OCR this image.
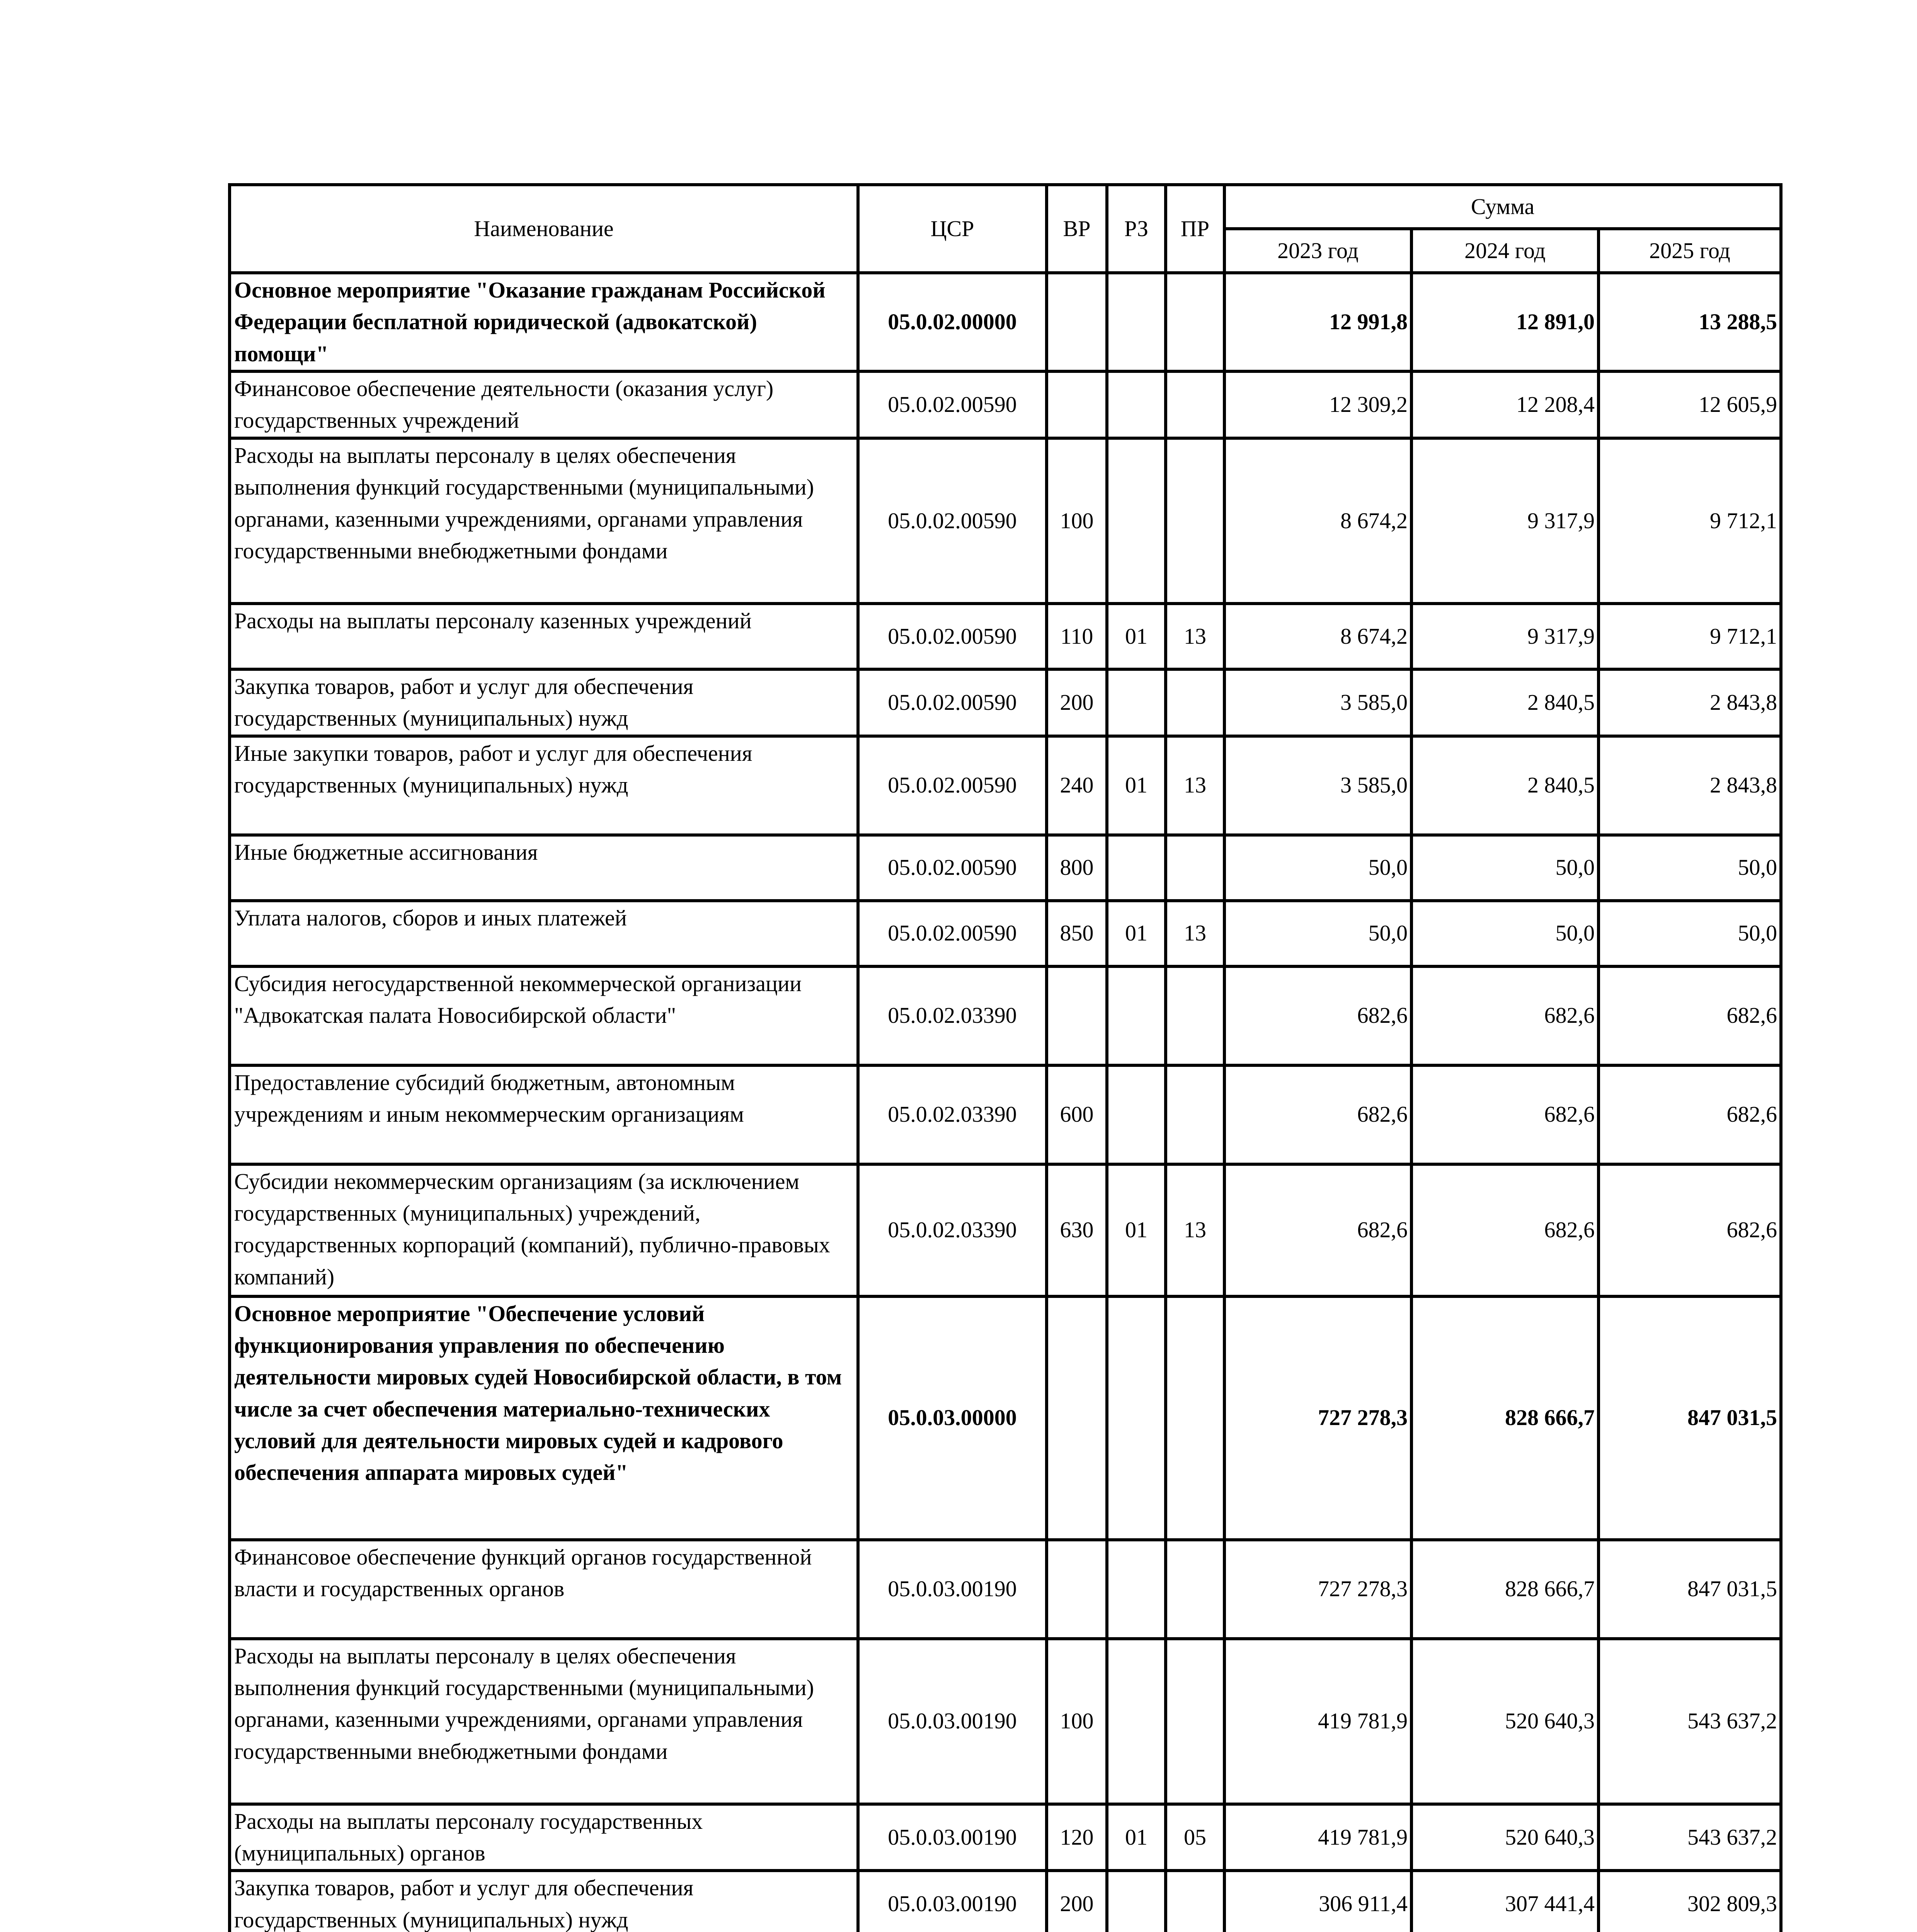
Наименование	ЦСР	ВР	РЗ	ПР	Сумма		
					2023 год	2024 год	2025 год
Основное мероприятие "Оказание гражданам Российской Федерации бесплатной юридической (адвокатской) помощи"	05.0.02.00000				12 991,8	12 891,0	13 288,5
Финансовое обеспечение деятельности (оказания услуг) государственных учреждений	05.0.02.00590				12 309,2	12 208,4	12 605,9
Расходы на выплаты персоналу в целях обеспечения выполнения функций государственными (муниципальными) органами, казенными учреждениями, органами управления государственными внебюджетными фондами	05.0.02.00590	100			8 674,2	9 317,9	9 712,1
Расходы на выплаты персоналу казенных учреждений	05.0.02.00590	110	01	13	8 674,2	9 317,9	9 712,1
Закупка товаров, работ и услуг для обеспечения государственных (муниципальных) нужд	05.0.02.00590	200			3 585,0	2 840,5	2 843,8
Иные закупки товаров, работ и услуг для обеспечения государственных (муниципальных) нужд	05.0.02.00590	240	01	13	3 585,0	2 840,5	2 843,8
Иные бюджетные ассигнования	05.0.02.00590	800			50,0	50,0	50,0
Уплата налогов, сборов и иных платежей	05.0.02.00590	850	01	13	50,0	50,0	50,0
Субсидия негосударственной некоммерческой организации "Адвокатская палата Новосибирской области"	05.0.02.03390				682,6	682,6	682,6
Предоставление субсидий бюджетным, автономным учреждениям и иным некоммерческим организациям	05.0.02.03390	600			682,6	682,6	682,6
Субсидии некоммерческим организациям (за исключением государственных (муниципальных) учреждений, государственных корпораций (компаний), публично-правовых компаний)	05.0.02.03390	630	01	13	682,6	682,6	682,6
Основное мероприятие "Обеспечение условий функционирования управления по обеспечению деятельности мировых судей Новосибирской области, в том числе за счет обеспечения материально-технических условий для деятельности мировых судей и кадрового обеспечения аппарата мировых судей"	05.0.03.00000				727 278,3	828 666,7	847 031,5
Финансовое обеспечение функций органов государственной власти и государственных органов	05.0.03.00190				727 278,3	828 666,7	847 031,5
Расходы на выплаты персоналу в целях обеспечения выполнения функций государственными (муниципальными) органами, казенными учреждениями, органами управления государственными внебюджетными фондами	05.0.03.00190	100			419 781,9	520 640,3	543 637,2
Расходы на выплаты персоналу государственных (муниципальных) органов	05.0.03.00190	120	01	05	419 781,9	520 640,3	543 637,2
Закупка товаров, работ и услуг для обеспечения государственных (муниципальных) нужд	05.0.03.00190	200			306 911,4	307 441,4	302 809,3
